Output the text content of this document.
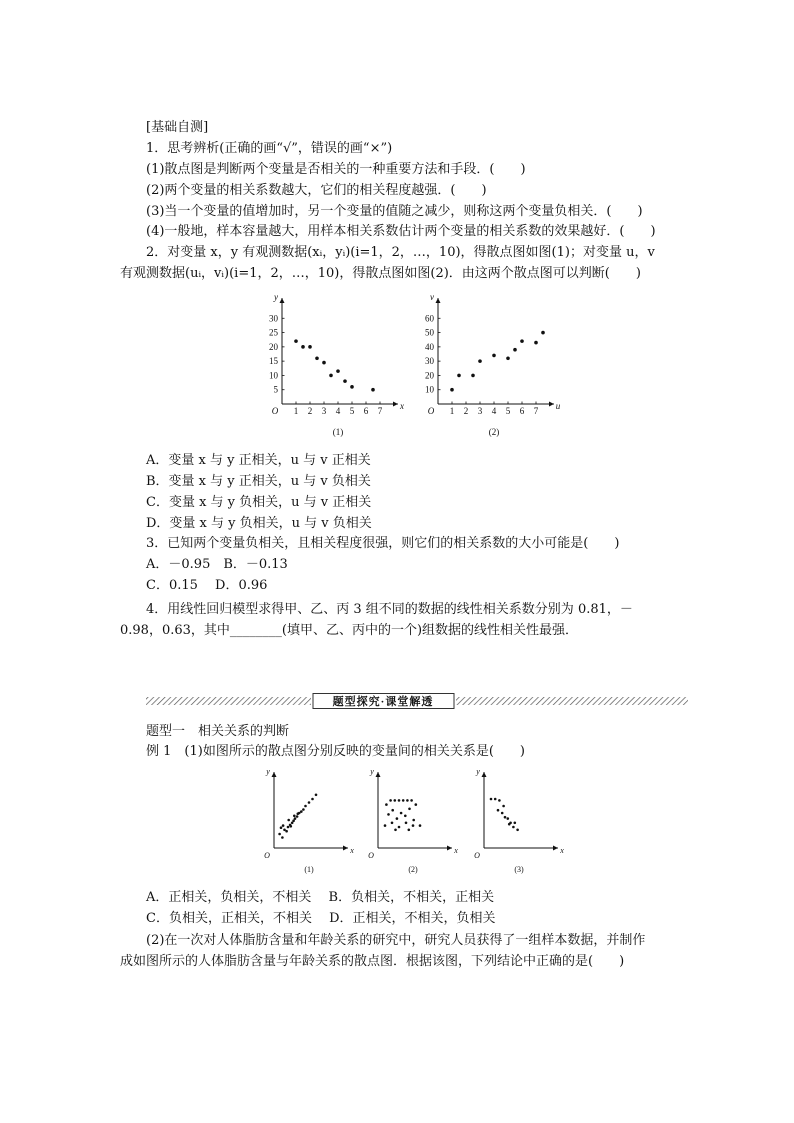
[基础自测]
1．思考辨析(正确的画“√”，错误的画“×”)
(1)散点图是判断两个变量是否相关的一种重要方法和手段．(　　)
(2)两个变量的相关系数越大，它们的相关程度越强．(　　)
(3)当一个变量的值增加时，另一个变量的值随之减少，则称这两个变量负相关．(　　)
(4)一般地，样本容量越大，用样本相关系数估计两个变量的相关系数的效果越好．(　　)
2．对变量 x，y 有观测数据(xᵢ，yᵢ)(i=1，2，…，10)，得散点图如图(1)；对变量 u，v
有观测数据(uᵢ，vᵢ)(i=1，2，…，10)，得散点图如图(2)．由这两个散点图可以判断(　　)
O	x
y
1 2 3 4 5 6 7
5
10
15
20
25
30
(1)
O	u
v
1 2 3 4 5 6 7
10
20
30
40
50
60
(2)
A．变量 x 与 y 正相关，u 与 v 正相关
B．变量 x 与 y 正相关，u 与 v 负相关
C．变量 x 与 y 负相关，u 与 v 正相关
D．变量 x 与 y 负相关，u 与 v 负相关
3．已知两个变量负相关，且相关程度很强，则它们的相关系数的大小可能是(　　)
A．－0.95　B．－0.13
C．0.15　 D．0.96
4．用线性回归模型求得甲、乙、丙 3 组不同的数据的线性相关系数分别为 0.81，－
0.98，0.63，其中________(填甲、乙、丙中的一个)组数据的线性相关性最强．
题型探究·课堂解透
题型一　相关关系的判断
例 1　(1)如图所示的散点图分别反映的变量间的相关关系是(　　)
O
x
y
(1)
O
x
y
(2)
O
x
y
(3)
A．正相关，负相关，不相关　 B．负相关，不相关，正相关
C．负相关，正相关，不相关　 D．正相关，不相关，负相关
(2)在一次对人体脂肪含量和年龄关系的研究中，研究人员获得了一组样本数据，并制作
成如图所示的人体脂肪含量与年龄关系的散点图．根据该图，下列结论中正确的是(　　)
